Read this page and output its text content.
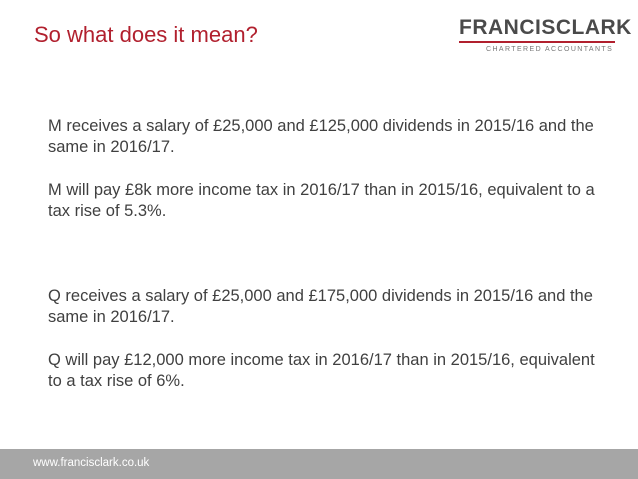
So what does it mean?	FRANCISCLARK
CHARTERED ACCOUNTANTS

M receives a salary of £25,000 and £125,000 dividends in 2015/16 and the same in 2016/17.

M will pay £8k more income tax in 2016/17 than in 2015/16, equivalent to a tax rise of 5.3%.

Q receives a salary of £25,000 and £175,000 dividends in 2015/16 and the same in 2016/17.

Q will pay £12,000 more income tax in 2016/17 than in 2015/16, equivalent to a tax rise of 6%.

www.francisclark.co.uk
